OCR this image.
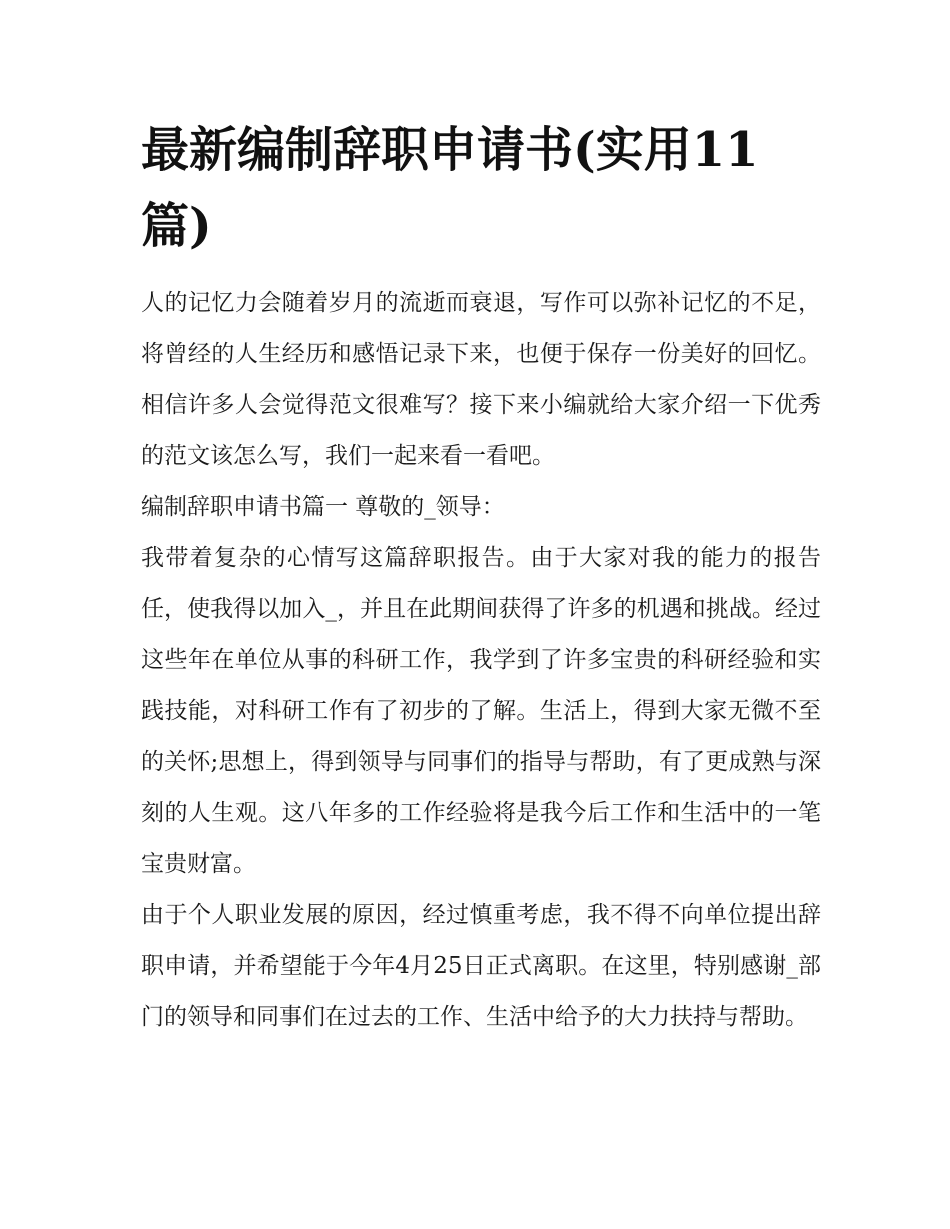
最新编制辞职申请书(实用11篇)

人的记忆力会随着岁月的流逝而衰退，写作可以弥补记忆的不足，将曾经的人生经历和感悟记录下来，也便于保存一份美好的回忆。相信许多人会觉得范文很难写？接下来小编就给大家介绍一下优秀的范文该怎么写，我们一起来看一看吧。

编制辞职申请书篇一 尊敬的_领导：

我带着复杂的心情写这篇辞职报告。由于大家对我的能力的报告任，使我得以加入_，并且在此期间获得了许多的机遇和挑战。经过这些年在单位从事的科研工作，我学到了许多宝贵的科研经验和实践技能，对科研工作有了初步的了解。生活上，得到大家无微不至的关怀;思想上，得到领导与同事们的指导与帮助，有了更成熟与深刻的人生观。这八年多的工作经验将是我今后工作和生活中的一笔宝贵财富。

由于个人职业发展的原因，经过慎重考虑，我不得不向单位提出辞职申请，并希望能于今年4月25日正式离职。在这里，特别感谢_部门的领导和同事们在过去的工作、生活中给予的大力扶持与帮助。
